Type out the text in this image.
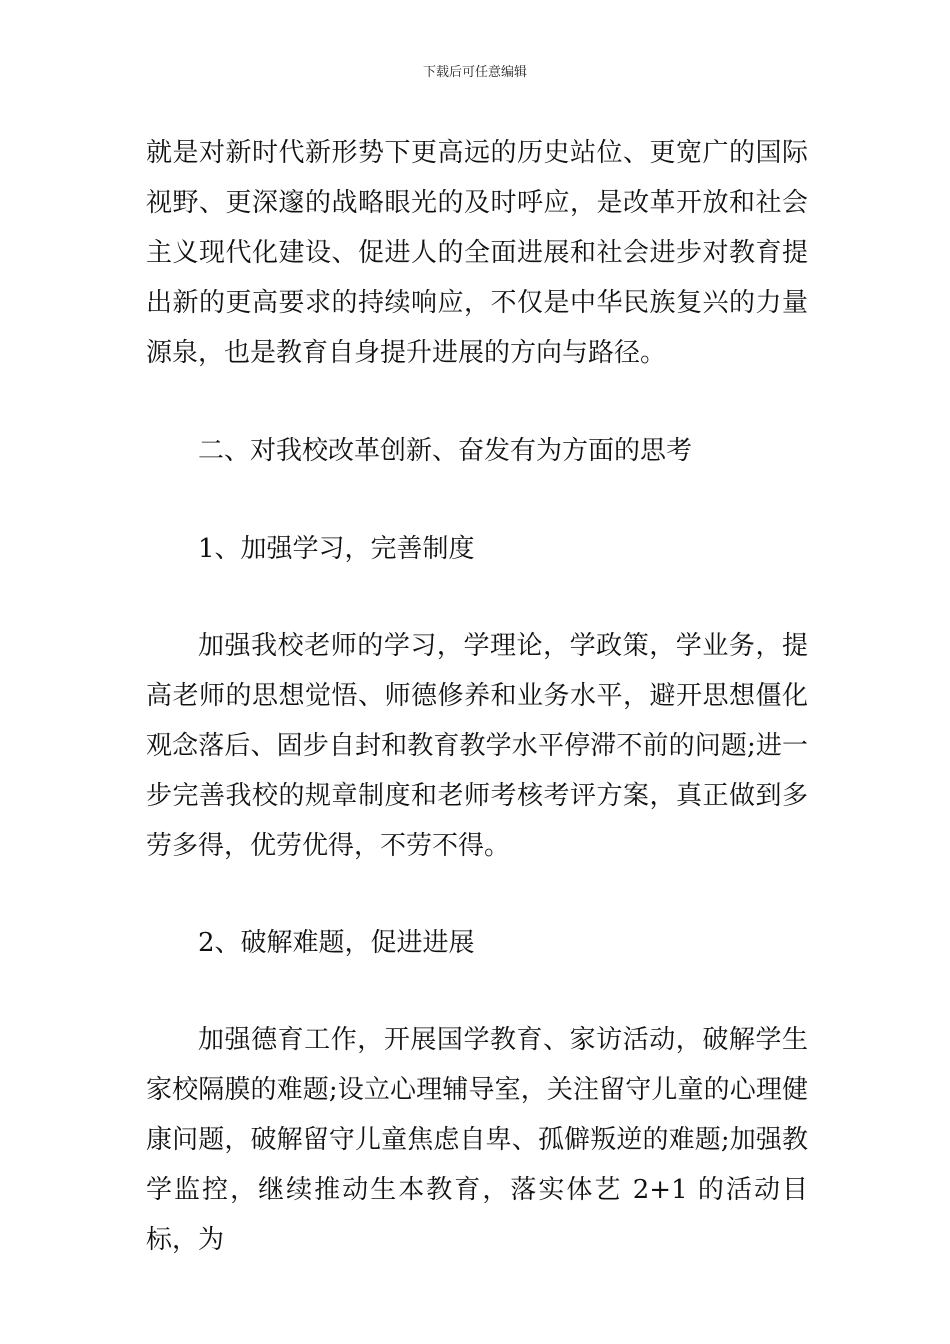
下载后可任意编辑

就是对新时代新形势下更高远的历史站位、更宽广的国际视野、更深邃的战略眼光的及时呼应，是改革开放和社会主义现代化建设、促进人的全面进展和社会进步对教育提出新的更高要求的持续响应，不仅是中华民族复兴的力量源泉，也是教育自身提升进展的方向与路径。

二、对我校改革创新、奋发有为方面的思考

1、加强学习，完善制度

加强我校老师的学习，学理论，学政策，学业务，提高老师的思想觉悟、师德修养和业务水平，避开思想僵化观念落后、固步自封和教育教学水平停滞不前的问题;进一步完善我校的规章制度和老师考核考评方案，真正做到多劳多得，优劳优得，不劳不得。

2、破解难题，促进进展

加强德育工作，开展国学教育、家访活动，破解学生家校隔膜的难题;设立心理辅导室，关注留守儿童的心理健康问题，破解留守儿童焦虑自卑、孤僻叛逆的难题;加强教学监控，继续推动生本教育，落实体艺 2+1 的活动目标，为
